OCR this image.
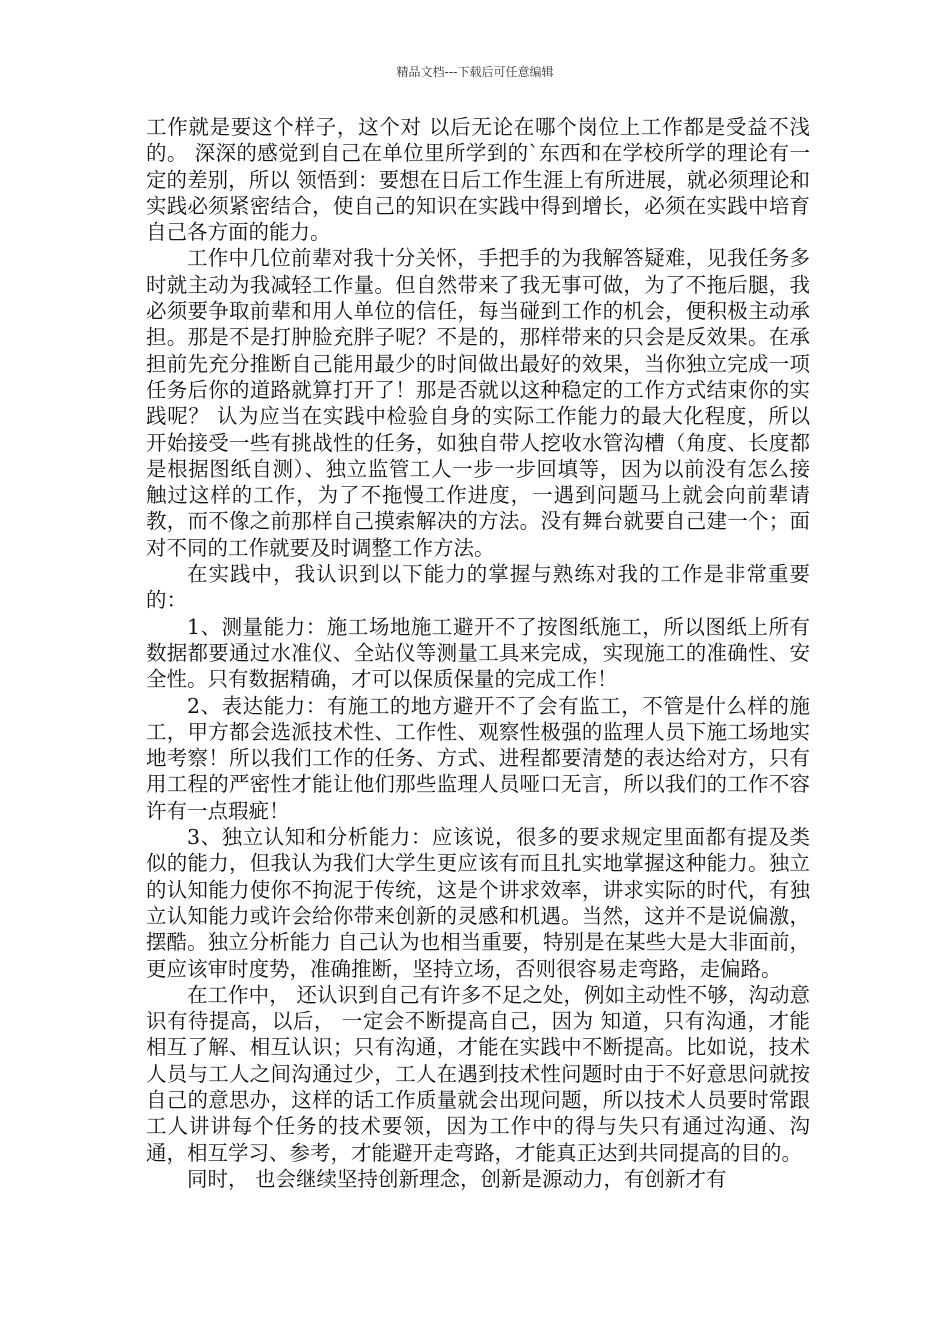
精品文档---下载后可任意编辑

工作就是要这个样子，这个对 以后无论在哪个岗位上工作都是受益不浅的。 深深的感觉到自己在单位里所学到的`东西和在学校所学的理论有一定的差别，所以 领悟到：要想在日后工作生涯上有所进展，就必须理论和实践必须紧密结合，使自己的知识在实践中得到增长，必须在实践中培育自己各方面的能力。

工作中几位前辈对我十分关怀，手把手的为我解答疑难，见我任务多时就主动为我减轻工作量。但自然带来了我无事可做，为了不拖后腿，我必须要争取前辈和用人单位的信任，每当碰到工作的机会，便积极主动承担。那是不是打肿脸充胖子呢？不是的，那样带来的只会是反效果。在承担前先充分推断自己能用最少的时间做出最好的效果，当你独立完成一项任务后你的道路就算打开了！那是否就以这种稳定的工作方式结束你的实践呢？ 认为应当在实践中检验自身的实际工作能力的最大化程度，所以 开始接受一些有挑战性的任务，如独自带人挖收水管沟槽（角度、长度都是根据图纸自测）、独立监管工人一步一步回填等，因为以前没有怎么接触过这样的工作，为了不拖慢工作进度，一遇到问题马上就会向前辈请教，而不像之前那样自己摸索解决的方法。没有舞台就要自己建一个；面对不同的工作就要及时调整工作方法。

在实践中，我认识到以下能力的掌握与熟练对我的工作是非常重要的：

1、测量能力：施工场地施工避开不了按图纸施工，所以图纸上所有数据都要通过水准仪、全站仪等测量工具来完成，实现施工的准确性、安全性。只有数据精确，才可以保质保量的完成工作！

2、表达能力：有施工的地方避开不了会有监工，不管是什么样的施工，甲方都会选派技术性、工作性、观察性极强的监理人员下施工场地实地考察！所以我们工作的任务、方式、进程都要清楚的表达给对方，只有用工程的严密性才能让他们那些监理人员哑口无言，所以我们的工作不容许有一点瑕疵！

3、独立认知和分析能力：应该说，很多的要求规定里面都有提及类似的能力，但我认为我们大学生更应该有而且扎实地掌握这种能力。独立的认知能力使你不拘泥于传统，这是个讲求效率，讲求实际的时代，有独立认知能力或许会给你带来创新的灵感和机遇。当然，这并不是说偏激，摆酷。独立分析能力 自己认为也相当重要，特别是在某些大是大非面前，更应该审时度势，准确推断，坚持立场，否则很容易走弯路，走偏路。

在工作中， 还认识到自己有许多不足之处，例如主动性不够，沟动意识有待提高，以后， 一定会不断提高自己，因为 知道，只有沟通，才能相互了解、相互认识；只有沟通，才能在实践中不断提高。比如说，技术人员与工人之间沟通过少，工人在遇到技术性问题时由于不好意思问就按自己的意思办，这样的话工作质量就会出现问题，所以技术人员要时常跟工人讲讲每个任务的技术要领，因为工作中的得与失只有通过沟通、沟通，相互学习、参考，才能避开走弯路，才能真正达到共同提高的目的。

同时， 也会继续坚持创新理念，创新是源动力，有创新才有
